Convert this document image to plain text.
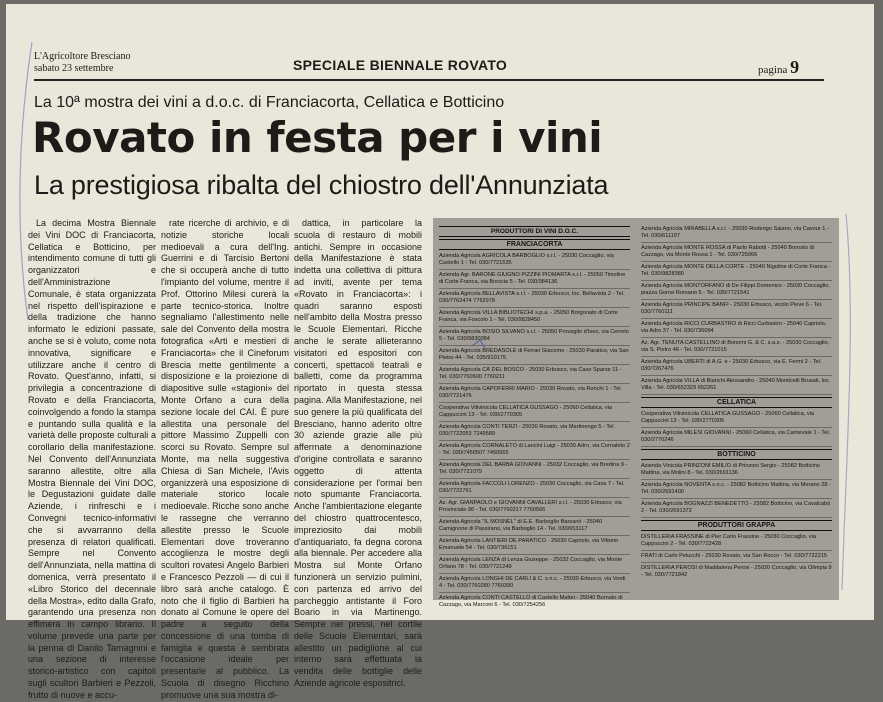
L'Agricoltore Bresciano
sabato 23 settembre	SPECIALE BIENNALE ROVATO	pagina 9
La 10ª mostra dei vini a d.o.c. di Franciacorta, Cellatica e Botticino
Rovato in festa per i vini
La prestigiosa ribalta del chiostro dell'Annunziata

La decima Mostra Biennale dei Vini DOC di Franciacorta, Cellatica e Botticino, per intendimento comune di tutti gli organizzatori e dell'Amministrazione Comunale, è stata organizzata nel rispetto dell'ispirazione e della tradizione che hanno informato le edizioni passate, anche se si è voluto, come nota innovativa, significare e utilizzare anche il centro di Rovato. Quest'anno, infatti, si privilegia a concentrazione di Rovato e della Franciacorta, coinvolgendo a fondo la stampa e puntando sulla qualità e la varietà delle proposte culturali a corollario della manifestazione. Nel Convento dell'Annunziata saranno allestite, oltre alla Mostra Biennale dei Vini DOC, le Degustazioni guidate dalle Aziende, i rinfreschi e i Convegni tecnico-informativi che si avvarranno della presenza di relatori qualificati. Sempre nel Convento dell'Annunziata, nella mattina di domenica, verrà presentato il «Libro Storico del decennale della Mostra», edito dalla Grafo, garantendo una presenza non effimera in campo librario. Il volume prevede una parte per la penna di Danilo Tamagnini e una sezione di interesse storico-artistico con capitoli sugli scultori Barbieri e Pezzoli, frutto di nuove e accu-

rate ricerche di archivio, e di notizie storiche locali medioevali a cura dell'Ing. Guerrini e di Tarcisio Bertoni che si occuperà anche di tutto l'impianto del volume, mentre il Prof. Ottorino Milesi curerà la parte tecnico-storica. Inoltre segnaliamo l'allestimento nelle sale del Convento della mostra fotografica «Arti e mestieri di Franciacorta» che il Cineforum Brescia mette gentilmente a disposizione e la proiezione di diapositive sulle «stagioni» del Monte Orfano a cura della sezione locale del CAI. È pure allestita una personale del pittore Massimo Zuppelli con scorci su Rovato. Sempre sul Monte, ma nella suggestiva Chiesa di San Michele, l'Avis organizzerà una esposizione di materiale storico locale medioevale. Ricche sono anche le rassegne che verranno allestite presso le Scuole Elementari dove troveranno accoglienza le mostre degli scultori rovatesi Angelo Barbieri e Francesco Pezzoli — di cui il libro sarà anche catalogo. È noto che il figlio di Barbieri ha donato al Comune le opere del padre a seguito della concessione di una tomba di famiglia e questa è sembrata l'occasione ideale per presentarle al pubblico. La Scuola di disegno Ricchino promuove una sua mostra di-

dattica, in particolare la scuola di restauro di mobili antichi. Sempre in occasione della Manifestazione è stata indetta una collettiva di pittura ad inviti, avente per tema «Rovato in Franciacorta»: i quadri saranno esposti nell'ambito della Mostra presso le Scuole Elementari. Ricche anche le serate allieteranno visitatori ed espositori con concerti, spettacoli teatrali e balletti, come da programma riportato in questa stessa pagina. Alla Manifestazione, nel suo genere la più qualificata del Bresciano, hanno aderito oltre 30 aziende grazie alle più affermate a denominazione d'origine controllata e saranno oggetto di attenta considerazione per l'ormai ben noto spumante Franciacorta. Anche l'ambientazione elegante del chiostro quattrocentesco, impreziosito dai mobili d'antiquariato, fa degna corona alla biennale. Per accedere alla Mostra sul Monte Orfano funzionerà un servizio pulmini, con partenza ed arrivo del parcheggio antistante il Foro Boario in via Martinengo. Sempre nei pressi, nel cortile delle Scuole Elementari, sarà allestito un padiglione al cui interno sarà effettuata la vendita delle bottiglie delle Aziende agricole espositrici.

PRODUTTORI DI VINI D.O.C.
FRANCIACORTA
Azienda Agricola AGRICOLA BARBOGLIO s.r.l. - 25030 Coccaglio, via Castello 1 - Tel. 030/7721535
Azienda Agr. BARONE GIUGNO PIZZINI PIOMARTA s.r.l. - 25050 Timoline di Corte Franca, via Brescia 5 - Tel. 030/984136
Azienda Agricola BELLAVISTA s.r.l. - 25030 Erbusco, loc. Bellavista 2 - Tel. 030/7762474 7762978
Azienda Agricola VILLA BIBLIOTECHI s.p.a. - 25050 Borgonato di Corte Franca, via Foscolo 1 - Tel. 030/9828450
Azienda Agricola BOSIO SILVANO s.r.l. - 25050 Provaglio d'Iseo, via Cerreto 5 - Tel. 030/9830384
Azienda Agricola BREDASOLE di Ferrari Giacomo - 25030 Paratico, via San Pietro 44 - Tel. 035/910175
Azienda Agricola CÀ DEL BOSCO - 25030 Erbusco, via Case Sparse 11 - Tel. 030/7760600 7760211
Azienda Agricola CAPOFERRI MARIO - 25030 Rovato, via Ronchi 1 - Tel. 030/7721476
Cooperativa Vitivinicola CELLATICA GUSSAGO - 25060 Cellatica, via Cappuccini 13 - Tel. 030/2770305
Azienda Agricola CONTI TERZI - 25030 Rovato, via Martinengo 5 - Tel. 030/7722053 7249589
Azienda Agricola CORNALETO di Lancini Luigi - 25030 Adro, via Cornaleto 2 - Tel. 030/7450507 7450565
Azienda Agricola DEL BARBA GIOVANNI - 25032 Coccaglio, via Bredina 9 - Tel. 030/7721079
Azienda Agricola FACCOLI LORENZO - 25030 Coccaglio, via Cava 7 - Tel. 030/7722761
Az. Agr. GIANPAOLO e GIOVANNI CAVALLERI s.r.l. - 25030 Erbusco, via Provinciale 96 - Tel. 030/7760217 7760566
Azienda Agricola "IL MOSNEL" di E.E. Barboglio Barzanò - 25040 Camignone di Passirano, via Barboglio 14 - Tel. 030/653117
Azienda Agricola LANTIERI DE PARATICO - 25030 Capriolo, via Vittorio Emanuele 54 - Tel. 030/736151
Azienda Agricola LENZA di Lenza Giuseppe - 25032 Coccaglio, via Monte Orfano 78 - Tel. 030/7721249
Azienda Agricola LONGHI DE CARLI & C. s.n.c. - 25030 Erbusco, via Verdi 4 - Tel. 030/7760280 7760390
Azienda Agricola CONTI CASTELLO di Castello Mattei - 25040 Bornato di Cazzago, via Marconi 6 - Tel. 030/7254256
Azienda Agricola MIRABELLA s.r.l. - 25030 Rodengo Saiano, via Cavour 1 - Tel. 030/611197
Azienda Agricola MONTE ROSSA di Paolo Rabotti - 25040 Bornato di Cazzago, via Monte Rossa 1 - Tel. 030/725066
Azienda Agricola MONTE DELLA CORTE - 25040 Nigoline di Corte Franca - Tel. 030/9828380
Azienda Agricola MONTORFANO di De Filippi Domenico - 25030 Coccaglio, piazza Gorne Romano 5 - Tel. 030/7721541
Azienda Agricola PRINCIPE BANFI - 25030 Erbusco, vicolo Pieve 6 - Tel. 030/7760111
Azienda Agricola RICCI CURBASTRO di Ricci Curbastro - 25040 Capriolo, via Adro 37 - Tel. 030/736094
Az. Agr. TENUTA CASTELLINO di Bonomi G. & C. s.a.s. - 25030 Coccaglio, via S. Pietro 46 - Tel. 030/7721015
Azienda Agricola UBERTI di A.G. e - 25030 Erbusco, via E. Fermi 2 - Tel. 030/7267476
Azienda Agricola VILLA di Bianchi Alessandro - 25040 Monticelli Brusati, loc. Villa - Tel. 030/652329 652261
CELLATICA
Cooperativa Vitivinicola CELLATICA GUSSAGO - 25060 Cellatica, via Cappuccini 13 - Tel. 030/2770305
Azienda Agricola MILESI GIOVANNI - 25060 Cellatica, via Carnevale 1 - Tel. 030/2770246
BOTTICINO
Azienda Vinicola PRINZONI EMILIO di Prinzoni Sergio - 25082 Botticino Mattina, via Molini 8 - Tel. 030/2691136
Azienda Agricola NOVENTA s.n.c. - 25082 Botticino Mattina, via Merano 28 - Tel. 030/2691400
Azienda Agricola BOGNAZZI BENEDETTO - 25082 Botticino, via Cavalcabò 2 - Tel. 030/2691372
PRODUTTORI GRAPPA
DISTILLERIA FRASSINE di Pier Carlo Frassine - 25030 Coccaglio, via Cappuccini 2 - Tel. 030/7722428
FRATI di Carlo Pelucchi - 25030 Rovato, via San Rocco - Tel. 030/7722215
DISTILLERIA PEROSI di Maddalena Perosi - 25030 Coccaglio, via Olimpia 9 - Tel. 030/7721842
